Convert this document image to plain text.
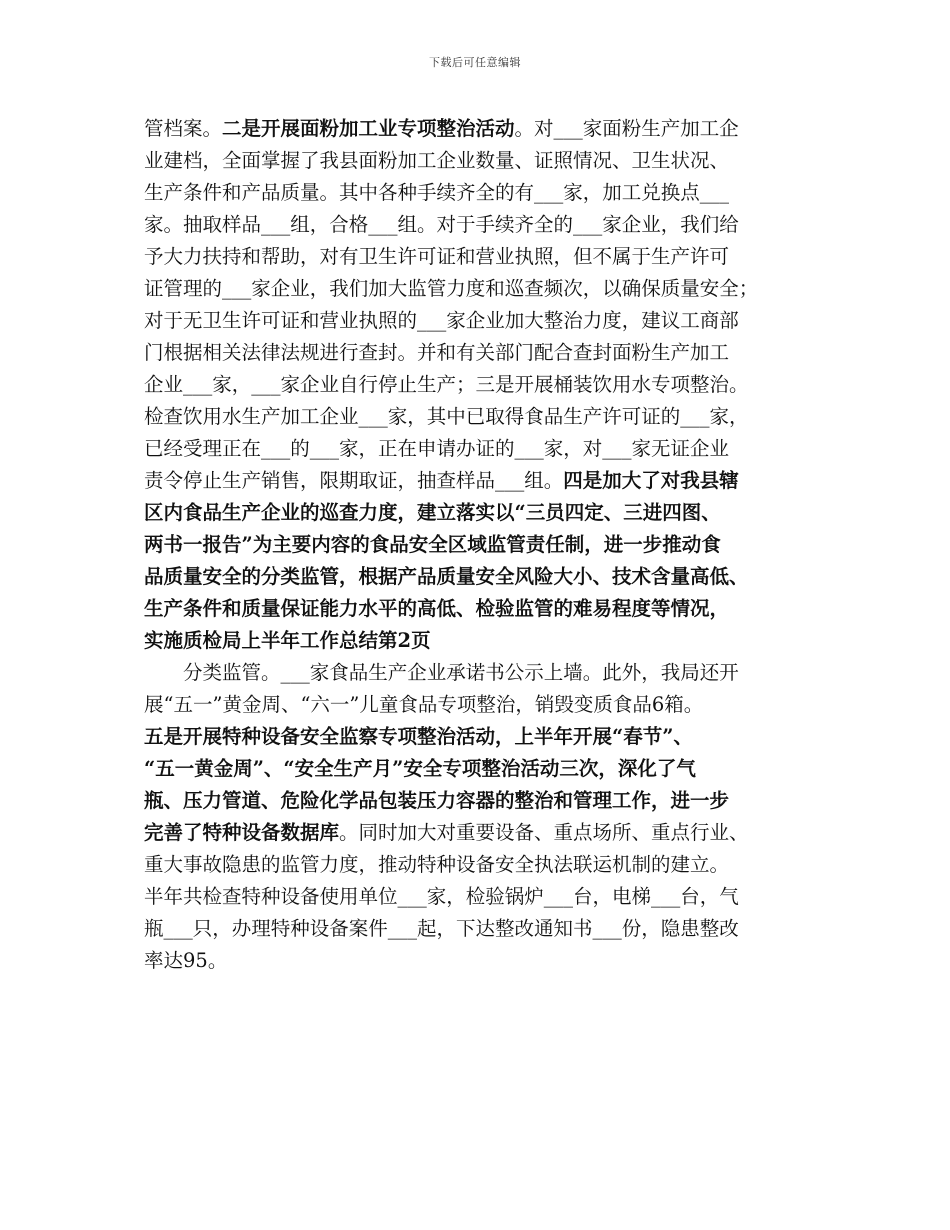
下载后可任意编辑
管档案。二是开展面粉加工业专项整治活动。对___家面粉生产加工企
业建档，全面掌握了我县面粉加工企业数量、证照情况、卫生状况、
生产条件和产品质量。其中各种手续齐全的有___家，加工兑换点___
家。抽取样品___组，合格___组。对于手续齐全的___家企业，我们给
予大力扶持和帮助，对有卫生许可证和营业执照，但不属于生产许可
证管理的___家企业，我们加大监管力度和巡查频次，以确保质量安全；
对于无卫生许可证和营业执照的___家企业加大整治力度，建议工商部
门根据相关法律法规进行查封。并和有关部门配合查封面粉生产加工
企业___家，___家企业自行停止生产；三是开展桶装饮用水专项整治。
检查饮用水生产加工企业___家，其中已取得食品生产许可证的___家，
已经受理正在___的___家，正在申请办证的___家，对___家无证企业
责令停止生产销售，限期取证，抽查样品___组。四是加大了对我县辖
区内食品生产企业的巡查力度，建立落实以“三员四定、三进四图、
两书一报告”为主要内容的食品安全区域监管责任制，进一步推动食
品质量安全的分类监管，根据产品质量安全风险大小、技术含量高低、
生产条件和质量保证能力水平的高低、检验监管的难易程度等情况，
实施质检局上半年工作总结第2页
分类监管。___家食品生产企业承诺书公示上墙。此外，我局还开
展“五一”黄金周、“六一”儿童食品专项整治，销毁变质食品6箱。
五是开展特种设备安全监察专项整治活动，上半年开展“春节”、
“五一黄金周”、“安全生产月”安全专项整治活动三次，深化了气
瓶、压力管道、危险化学品包装压力容器的整治和管理工作，进一步
完善了特种设备数据库。同时加大对重要设备、重点场所、重点行业、
重大事故隐患的监管力度，推动特种设备安全执法联运机制的建立。
半年共检查特种设备使用单位___家，检验锅炉___台，电梯___台，气
瓶___只，办理特种设备案件___起，下达整改通知书___份，隐患整改
率达95。
